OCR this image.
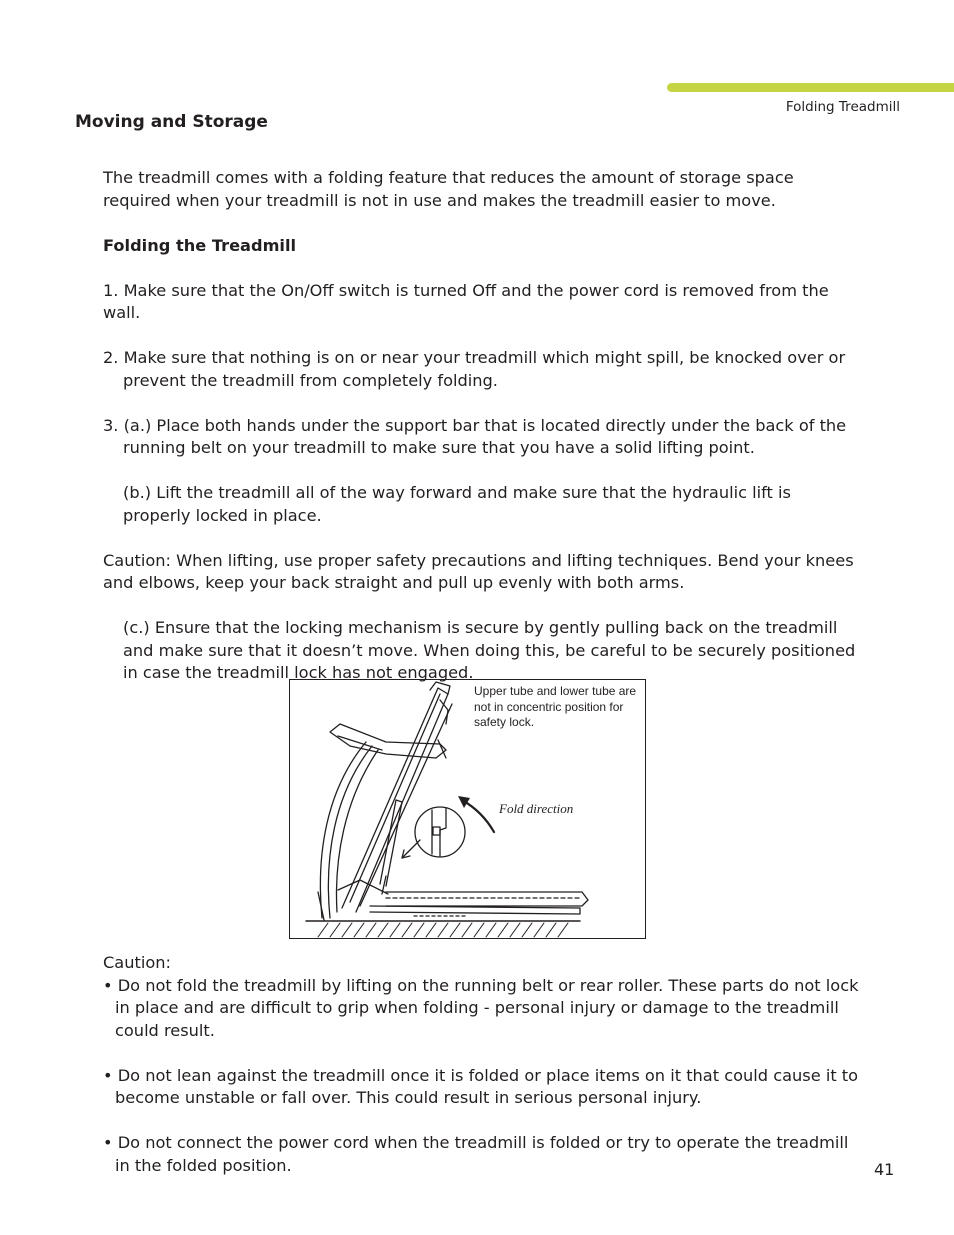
Folding Treadmill
Moving and Storage

The treadmill comes with a folding feature that reduces the amount of storage space required when your treadmill is not in use and makes the treadmill easier to move.

Folding the Treadmill

1. Make sure that the On/Off switch is turned Off and the power cord is removed from the wall.

2. Make sure that nothing is on or near your treadmill which might spill, be knocked over or prevent the treadmill from completely folding.

3. (a.) Place both hands under the support bar that is located directly under the back of the running belt on your treadmill to make sure that you have a solid lifting point.

(b.) Lift the treadmill all of the way forward and make sure that the hydraulic lift is properly locked in place.

Caution: When lifting, use proper safety precautions and lifting techniques. Bend your knees and elbows, keep your back straight and pull up evenly with both arms.

(c.) Ensure that the locking mechanism is secure by gently pulling back on the treadmill and make sure that it doesn’t move. When doing this, be careful to be securely positioned in case the treadmill lock has not engaged.

Upper tube and lower tube are not in concentric position for safety lock.
Fold direction

Caution:

• Do not fold the treadmill by lifting on the running belt or rear roller. These parts do not lock in place and are difficult to grip when folding - personal injury or damage to the treadmill could result.

• Do not lean against the treadmill once it is folded or place items on it that could cause it to become unstable or fall over. This could result in serious personal injury.

• Do not connect the power cord when the treadmill is folded or try to operate the treadmill in the folded position.	41
